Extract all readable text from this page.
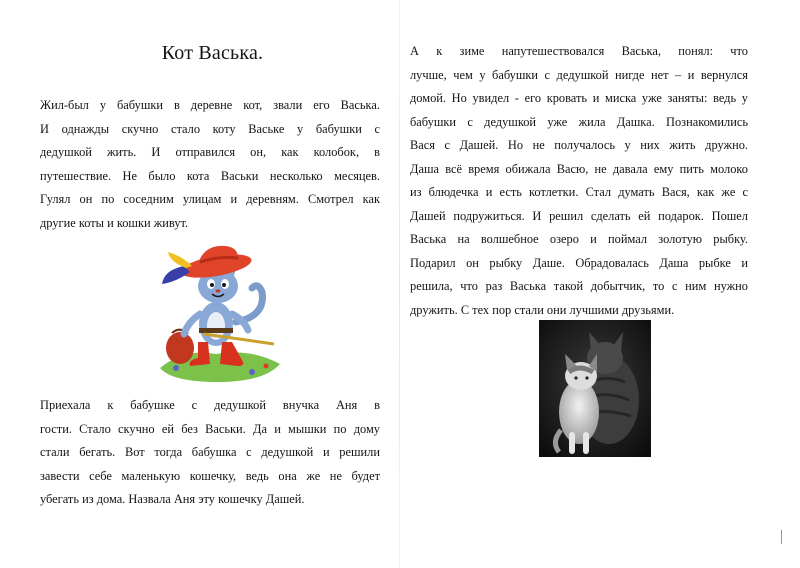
Кот Васька.
Жил-был у бабушки в деревне кот, звали его Васька.
И однажды скучно стало коту Ваське у бабушки с
дедушкой жить. И отправился он, как колобок, в
путешествие. Не было кота Васьки несколько месяцев.
Гулял он по соседним улицам и деревням. Смотрел как
другие коты и кошки живут.
Приехала к бабушке с дедушкой внучка Аня в
гости. Стало скучно ей без Васьки. Да и мышки по дому
стали бегать. Вот тогда бабушка с дедушкой и решили
завести себе маленькую кошечку, ведь она же не будет
убегать из дома. Назвала Аня эту кошечку Дашей.
А к зиме напутешествовался Васька, понял: что
лучше, чем у бабушки с дедушкой нигде нет – и вернулся
домой. Но увидел - его кровать и миска уже заняты: ведь у
бабушки с дедушкой уже жила Дашка. Познакомились
Вася с Дашей. Но не получалось у них жить дружно.
Даша всё время обижала Васю, не давала ему пить молоко
из блюдечка и есть котлетки. Стал думать Вася, как же с
Дашей подружиться. И решил сделать ей подарок. Пошел
Васька на волшебное озеро и поймал золотую рыбку.
Подарил он рыбку Даше. Обрадовалась Даша рыбке и
решила, что раз Васька такой добытчик, то с ним нужно
дружить. С тех пор стали они лучшими друзьями.
